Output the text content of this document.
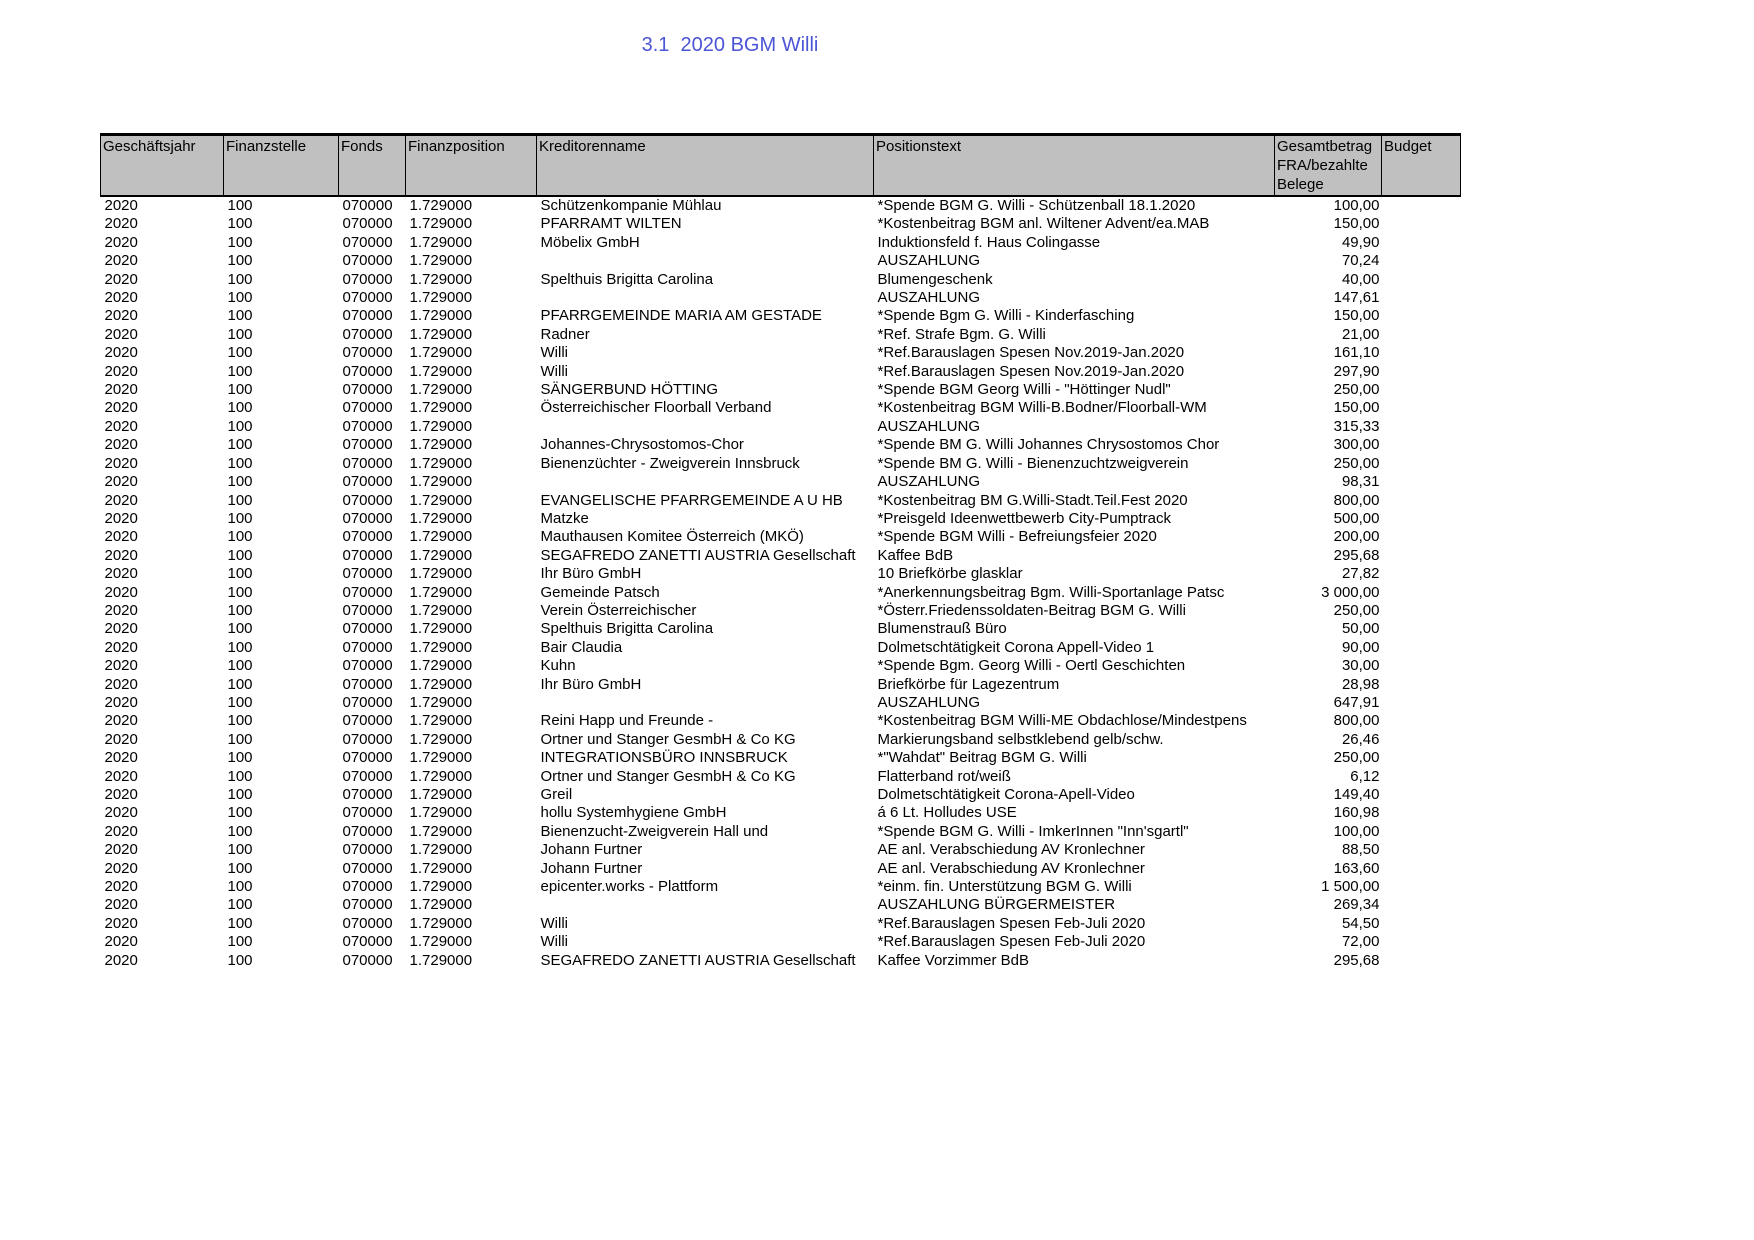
3.1  2020 BGM Willi
Geschäftsjahr	Finanzstelle	Fonds	Finanzposition	Kreditorenname	Positionstext	Gesamtbetrag FRA/bezahlte Belege	Budget
2020	100	070000	1.729000	Schützenkompanie Mühlau	*Spende BGM G. Willi - Schützenball 18.1.2020	100,00	
2020	100	070000	1.729000	PFARRAMT WILTEN	*Kostenbeitrag BGM anl. Wiltener Advent/ea.MAB	150,00	
2020	100	070000	1.729000	Möbelix GmbH	Induktionsfeld f. Haus Colingasse	49,90	
2020	100	070000	1.729000		AUSZAHLUNG	70,24	
2020	100	070000	1.729000	Spelthuis Brigitta Carolina	Blumengeschenk	40,00	
2020	100	070000	1.729000		AUSZAHLUNG	147,61	
2020	100	070000	1.729000	PFARRGEMEINDE MARIA AM GESTADE	*Spende Bgm G. Willi - Kinderfasching	150,00	
2020	100	070000	1.729000	Radner	*Ref. Strafe Bgm. G. Willi	21,00	
2020	100	070000	1.729000	Willi	*Ref.Barauslagen Spesen Nov.2019-Jan.2020	161,10	
2020	100	070000	1.729000	Willi	*Ref.Barauslagen Spesen Nov.2019-Jan.2020	297,90	
2020	100	070000	1.729000	SÄNGERBUND HÖTTING	*Spende BGM Georg Willi - "Höttinger Nudl"	250,00	
2020	100	070000	1.729000	Österreichischer Floorball Verband	*Kostenbeitrag BGM Willi-B.Bodner/Floorball-WM	150,00	
2020	100	070000	1.729000		AUSZAHLUNG	315,33	
2020	100	070000	1.729000	Johannes-Chrysostomos-Chor	*Spende BM G. Willi Johannes Chrysostomos Chor	300,00	
2020	100	070000	1.729000	Bienenzüchter - Zweigverein Innsbruck	*Spende BM G. Willi - Bienenzuchtzweigverein	250,00	
2020	100	070000	1.729000		AUSZAHLUNG	98,31	
2020	100	070000	1.729000	EVANGELISCHE PFARRGEMEINDE A U HB	*Kostenbeitrag BM G.Willi-Stadt.Teil.Fest 2020	800,00	
2020	100	070000	1.729000	Matzke	*Preisgeld Ideenwettbewerb City-Pumptrack	500,00	
2020	100	070000	1.729000	Mauthausen Komitee Österreich (MKÖ)	*Spende BGM Willi - Befreiungsfeier 2020	200,00	
2020	100	070000	1.729000	SEGAFREDO ZANETTI AUSTRIA Gesellschaft	Kaffee BdB	295,68	
2020	100	070000	1.729000	Ihr Büro GmbH	10 Briefkörbe glasklar	27,82	
2020	100	070000	1.729000	Gemeinde Patsch	*Anerkennungsbeitrag Bgm. Willi-Sportanlage Patsc	3 000,00	
2020	100	070000	1.729000	Verein Österreichischer	*Österr.Friedenssoldaten-Beitrag BGM G. Willi	250,00	
2020	100	070000	1.729000	Spelthuis Brigitta Carolina	Blumenstrauß Büro	50,00	
2020	100	070000	1.729000	Bair Claudia	Dolmetschtätigkeit Corona Appell-Video 1	90,00	
2020	100	070000	1.729000	Kuhn	*Spende Bgm. Georg Willi - Oertl Geschichten	30,00	
2020	100	070000	1.729000	Ihr Büro GmbH	Briefkörbe für Lagezentrum	28,98	
2020	100	070000	1.729000		AUSZAHLUNG	647,91	
2020	100	070000	1.729000	Reini Happ und Freunde -	*Kostenbeitrag BGM Willi-ME Obdachlose/Mindestpens	800,00	
2020	100	070000	1.729000	Ortner und Stanger GesmbH & Co KG	Markierungsband selbstklebend gelb/schw.	26,46	
2020	100	070000	1.729000	INTEGRATIONSBÜRO INNSBRUCK	*"Wahdat" Beitrag BGM G. Willi	250,00	
2020	100	070000	1.729000	Ortner und Stanger GesmbH & Co KG	Flatterband rot/weiß	6,12	
2020	100	070000	1.729000	Greil	Dolmetschtätigkeit Corona-Apell-Video	149,40	
2020	100	070000	1.729000	hollu Systemhygiene GmbH	á 6 Lt. Holludes USE	160,98	
2020	100	070000	1.729000	Bienenzucht-Zweigverein Hall und	*Spende BGM G. Willi - ImkerInnen "Inn'sgartl"	100,00	
2020	100	070000	1.729000	Johann Furtner	AE anl. Verabschiedung AV Kronlechner	88,50	
2020	100	070000	1.729000	Johann Furtner	AE anl. Verabschiedung AV Kronlechner	163,60	
2020	100	070000	1.729000	epicenter.works - Plattform	*einm. fin. Unterstützung BGM G. Willi	1 500,00	
2020	100	070000	1.729000		AUSZAHLUNG BÜRGERMEISTER	269,34	
2020	100	070000	1.729000	Willi	*Ref.Barauslagen Spesen Feb-Juli 2020	54,50	
2020	100	070000	1.729000	Willi	*Ref.Barauslagen Spesen Feb-Juli 2020	72,00	
2020	100	070000	1.729000	SEGAFREDO ZANETTI AUSTRIA Gesellschaft	Kaffee Vorzimmer BdB	295,68	
